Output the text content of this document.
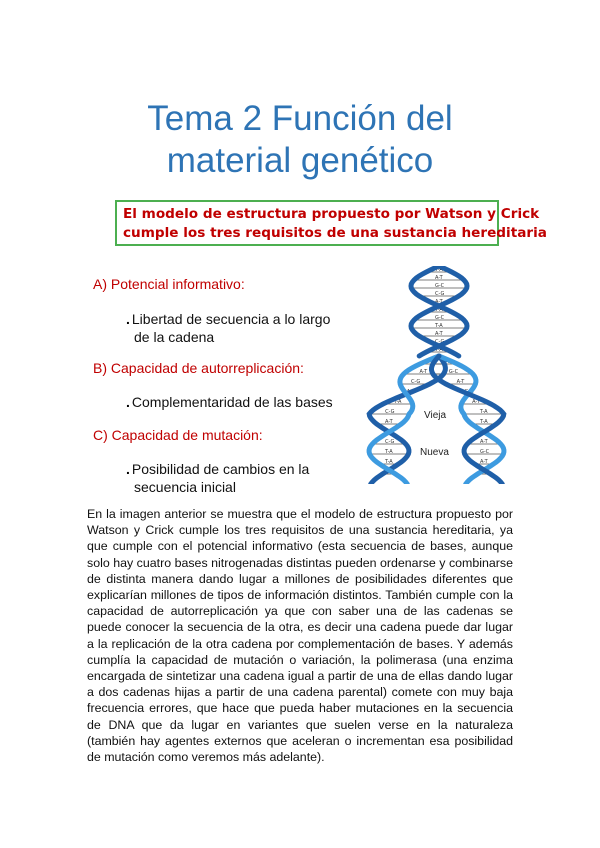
Tema 2 Función del
material genético
El modelo de estructura propuesto por Watson y Crick
cumple los tres requisitos de una sustancia hereditaria
A) Potencial informativo:
. Libertad de secuencia a lo largo
de la cadena
B) Capacidad de autorreplicación:
. Complementaridad de las bases
C) Capacidad de mutación:
. Posibilidad de cambios en la
secuencia inicial
T-A
A-T
G-C
C-G
A-T
T-A
G-C
T-A
A-T
C-G
T-A
A-T T-A
A-T	G-C
C-G	A-T
T-A	G-C
T-A	A-T
C-G	T-A
A-T	T-A
A-T	G-C
C-G	A-T
T-A	G-C
T-A	A-T
C-G	T-A
Vieja
Nueva
En la imagen anterior se muestra que el modelo de estructura propuesto por Watson y Crick cumple los tres requisitos de una sustancia hereditaria, ya que cumple con el potencial informativo (esta secuencia de bases, aunque solo hay cuatro bases nitrogenadas distintas pueden ordenarse y combinarse de distinta manera dando lugar a millones de posibilidades diferentes que explicarían millones de tipos de información distintos. También cumple con la capacidad de autorreplicación ya que con saber una de las cadenas se puede conocer la secuencia de la otra, es decir una cadena puede dar lugar a la replicación de la otra cadena por complementación de bases. Y además cumplía la capacidad de mutación o variación, la polimerasa (una enzima encargada de sintetizar una cadena igual a partir de una de ellas dando lugar a dos cadenas hijas a partir de una cadena parental) comete con muy baja frecuencia errores, que hace que pueda haber mutaciones en la secuencia de DNA que da lugar en variantes que suelen verse en la naturaleza (también hay agentes externos que aceleran o incrementan esa posibilidad de mutación como veremos más adelante).
